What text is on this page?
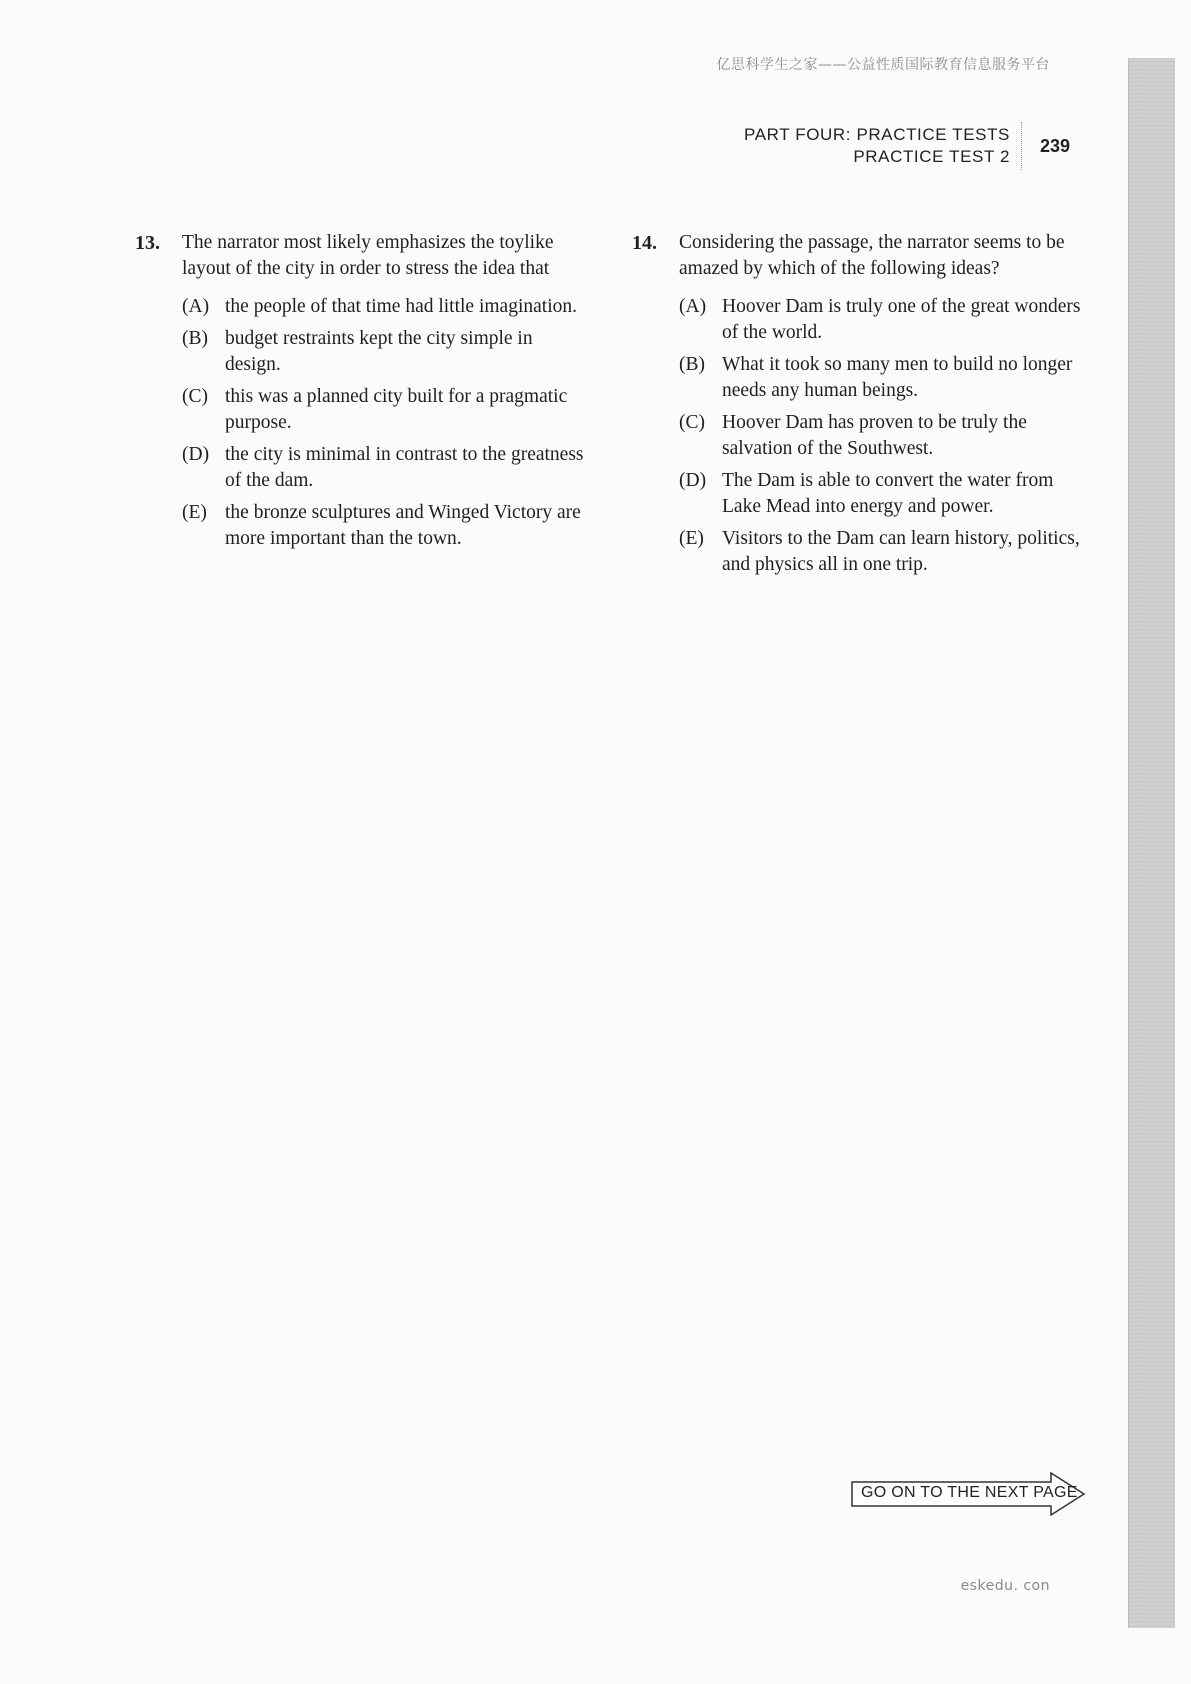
亿思科学生之家——公益性质国际教育信息服务平台
PART FOUR: PRACTICE TESTS
PRACTICE TEST 2
239
13. The narrator most likely emphasizes the toylike layout of the city in order to stress the idea that
(A) the people of that time had little imagination.
(B) budget restraints kept the city simple in design.
(C) this was a planned city built for a pragmatic purpose.
(D) the city is minimal in contrast to the greatness of the dam.
(E) the bronze sculptures and Winged Victory are more important than the town.
14. Considering the passage, the narrator seems to be amazed by which of the following ideas?
(A) Hoover Dam is truly one of the great wonders of the world.
(B) What it took so many men to build no longer needs any human beings.
(C) Hoover Dam has proven to be truly the salvation of the Southwest.
(D) The Dam is able to convert the water from Lake Mead into energy and power.
(E) Visitors to the Dam can learn history, politics, and physics all in one trip.
GO ON TO THE NEXT PAGE
eskedu. con
